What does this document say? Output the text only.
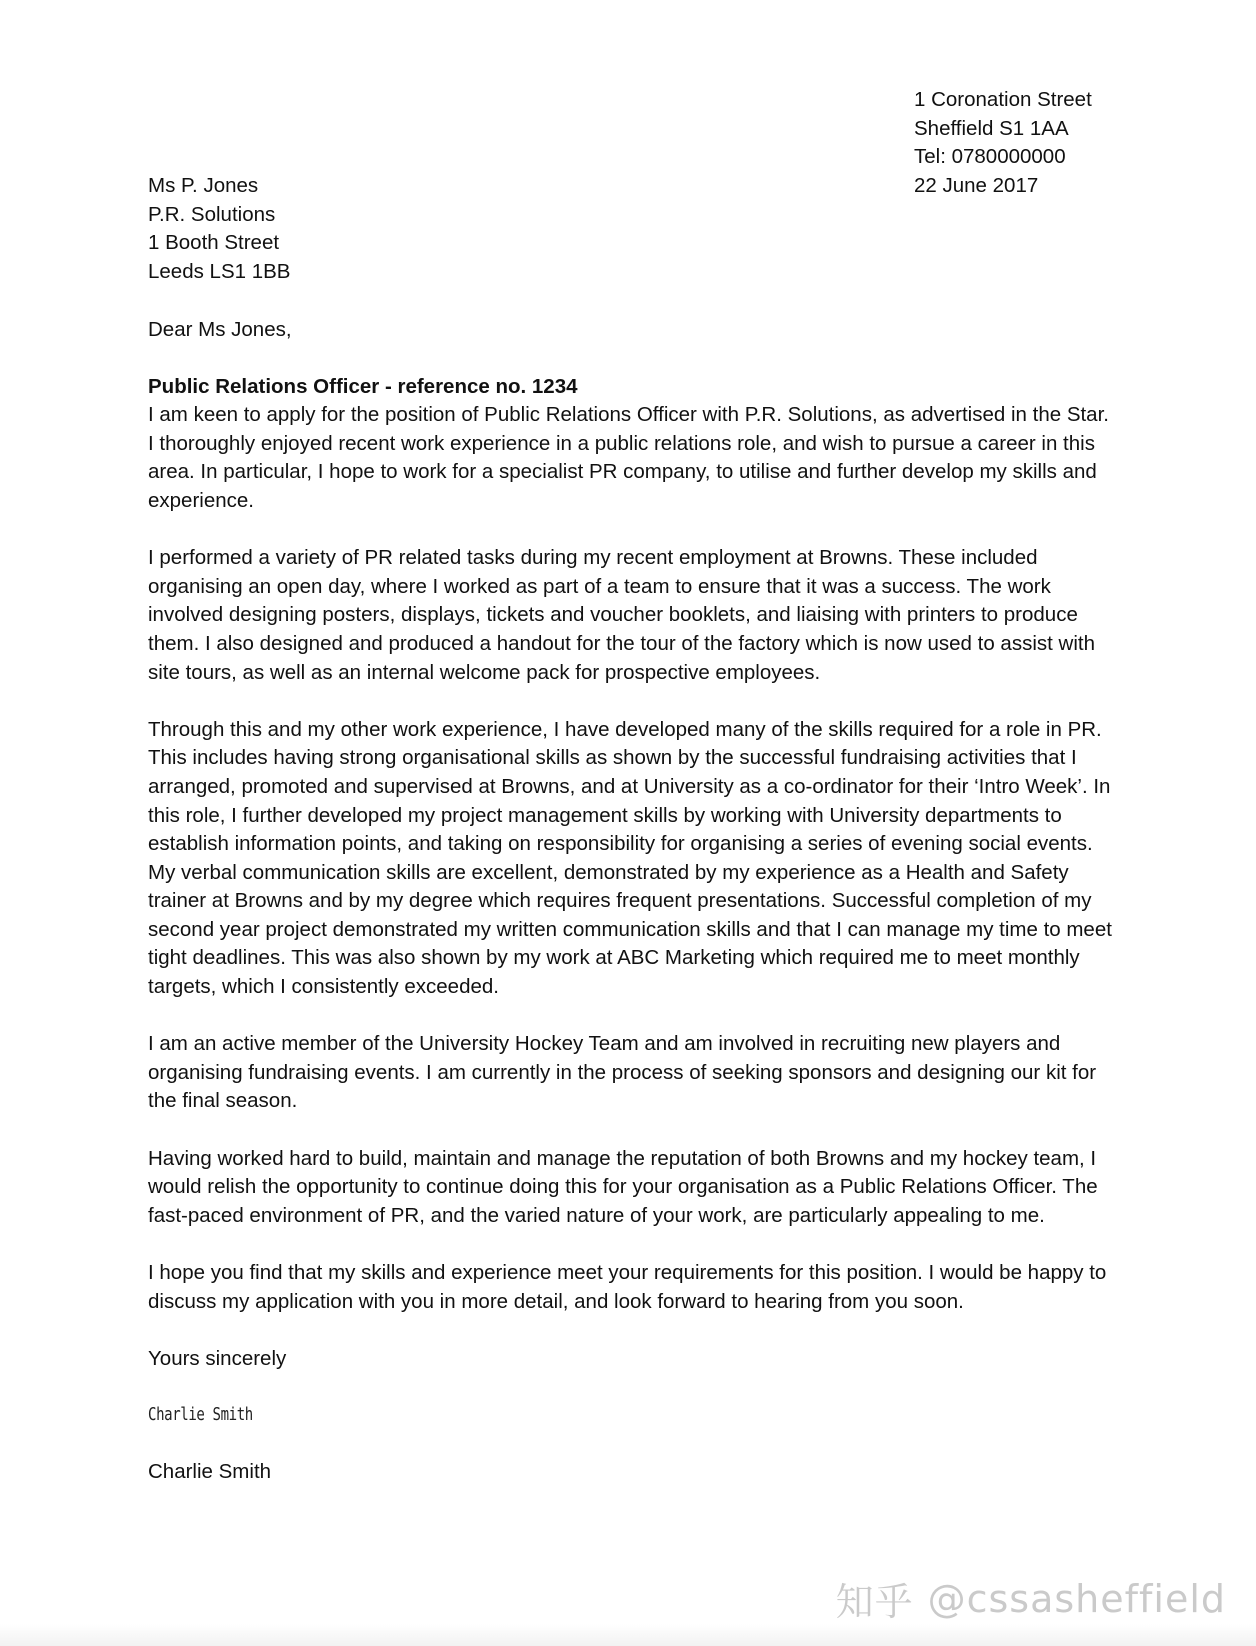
1 Coronation Street
Sheffield S1 1AA
Tel: 0780000000
22 June 2017
Ms P. Jones
P.R. Solutions
1 Booth Street
Leeds LS1 1BB

Dear Ms Jones,

Public Relations Officer - reference no. 1234

I am keen to apply for the position of Public Relations Officer with P.R. Solutions, as advertised in the Star. I thoroughly enjoyed recent work experience in a public relations role, and wish to pursue a career in this area. In particular, I hope to work for a specialist PR company, to utilise and further develop my skills and experience.

I performed a variety of PR related tasks during my recent employment at Browns. These included organising an open day, where I worked as part of a team to ensure that it was a success. The work involved designing posters, displays, tickets and voucher booklets, and liaising with printers to produce them. I also designed and produced a handout for the tour of the factory which is now used to assist with site tours, as well as an internal welcome pack for prospective employees.

Through this and my other work experience, I have developed many of the skills required for a role in PR. This includes having strong organisational skills as shown by the successful fundraising activities that I arranged, promoted and supervised at Browns, and at University as a co-ordinator for their ‘Intro Week’. In this role, I further developed my project management skills by working with University departments to establish information points, and taking on responsibility for organising a series of evening social events. My verbal communication skills are excellent, demonstrated by my experience as a Health and Safety trainer at Browns and by my degree which requires frequent presentations. Successful completion of my second year project demonstrated my written communication skills and that I can manage my time to meet tight deadlines. This was also shown by my work at ABC Marketing which required me to meet monthly targets, which I consistently exceeded.

I am an active member of the University Hockey Team and am involved in recruiting new players and organising fundraising events. I am currently in the process of seeking sponsors and designing our kit for the final season.

Having worked hard to build, maintain and manage the reputation of both Browns and my hockey team, I would relish the opportunity to continue doing this for your organisation as a Public Relations Officer. The fast-paced environment of PR, and the varied nature of your work, are particularly appealing to me.

I hope you find that my skills and experience meet your requirements for this position. I would be happy to discuss my application with you in more detail, and look forward to hearing from you soon.

Yours sincerely

Charlie Smith

Charlie Smith

知乎 @cssasheffield
